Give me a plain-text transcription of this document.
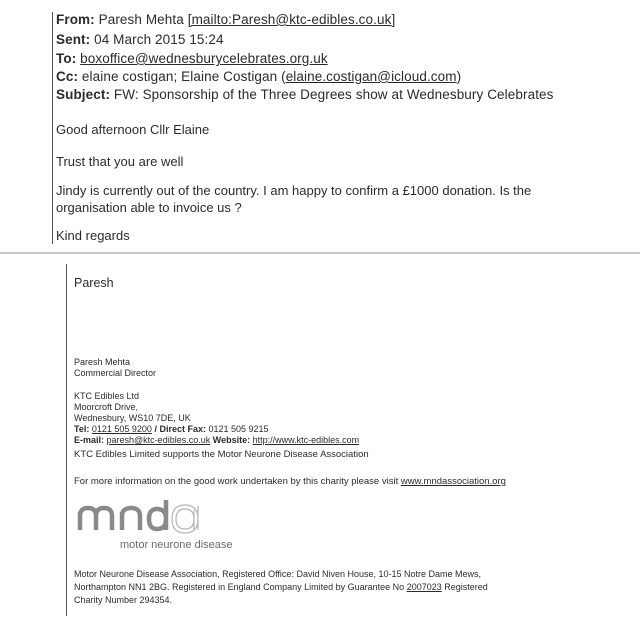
From: Paresh Mehta [mailto:Paresh@ktc-edibles.co.uk]
Sent: 04 March 2015 15:24
To: boxoffice@wednesburycelebrates.org.uk
Cc: elaine costigan; Elaine Costigan (elaine.costigan@icloud.com)
Subject: FW: Sponsorship of the Three Degrees show at Wednesbury Celebrates
Good afternoon Cllr Elaine
Trust that you are well
Jindy is currently out of the country. I am happy to confirm a £1000 donation. Is the
organisation able to invoice us ?
Kind regards
Paresh
Paresh Mehta
Commercial Director
KTC Edibles Ltd
Moorcroft Drive,
Wednesbury, WS10 7DE, UK
Tel: 0121 505 9200 / Direct Fax: 0121 505 9215
E-mail: paresh@ktc-edibles.co.uk Website: http://www.ktc-edibles.com
KTC Edibles Limited supports the Motor Neurone Disease Association
For more information on the good work undertaken by this charity please visit www.mndassociation.org
motor neurone disease
Motor Neurone Disease Association, Registered Office: David Niven House, 10-15 Notre Dame Mews,
Northampton NN1 2BG. Registered in England Company Limited by Guarantee No 2007023 Registered
Charity Number 294354.
